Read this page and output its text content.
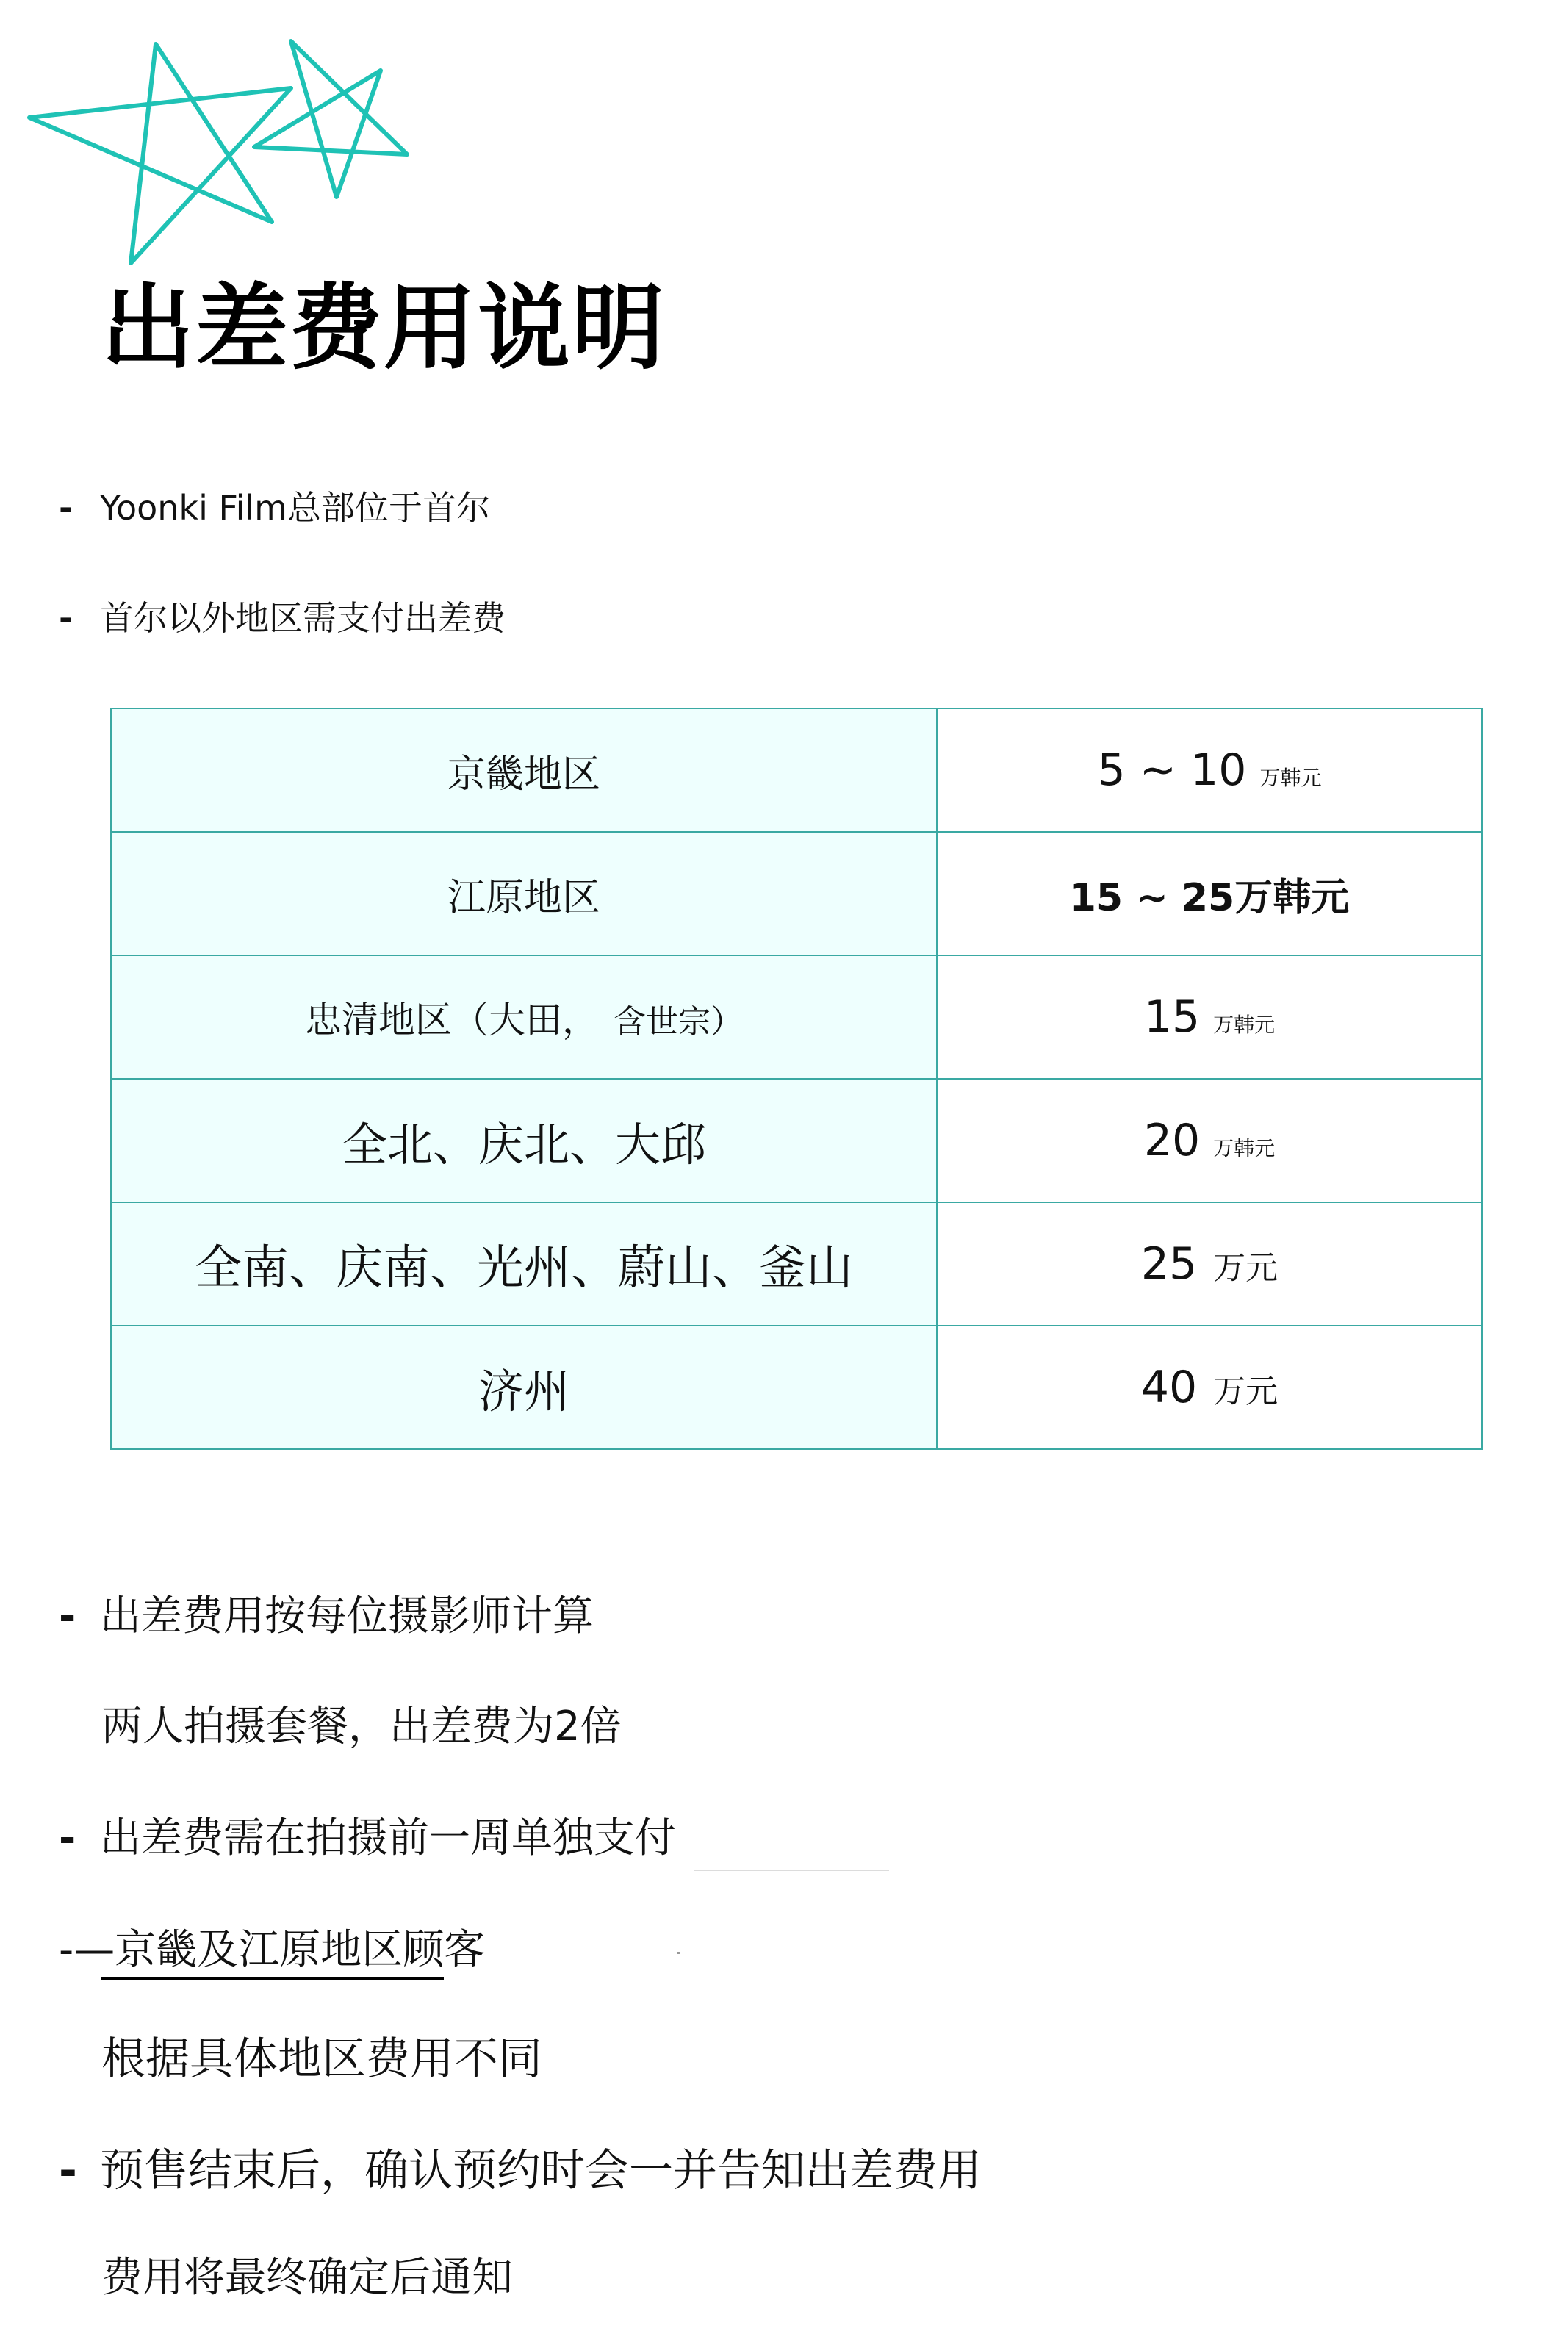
出差费用说明
- Yoonki Film总部位于首尔
- 首尔以外地区需支付出差费
京畿地区	5 ~ 10 万韩元
江原地区	15 ~ 25万韩元
忠清地区（大田， 含世宗）	15 万韩元
全北、庆北、大邱	20 万韩元
全南、庆南、光州、蔚山、釜山	25 万元
济州	40 万元
- 出差费用按每位摄影师计算
两人拍摄套餐，出差费为2倍
- 出差费需在拍摄前一周单独支付
-—京畿及江原地区顾客
根据具体地区费用不同
- 预售结束后，确认预约时会一并告知出差费用
费用将最终确定后通知
